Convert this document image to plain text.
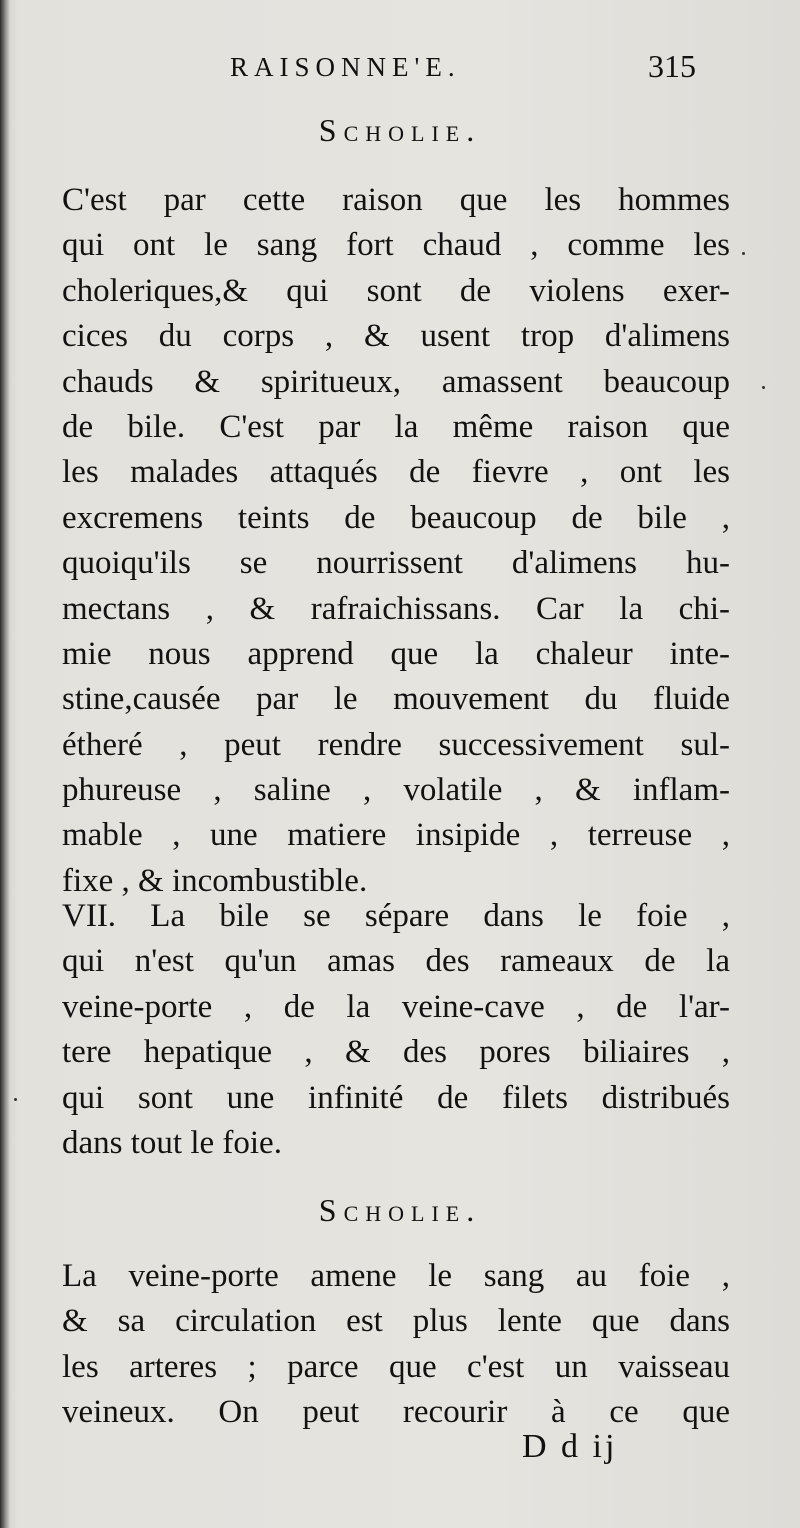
RAISONNE'E.	315
Scholie.
C'est par cette raison que les hommes
qui ont le sang fort chaud , comme les
choleriques,& qui sont de violens exer-
cices du corps , & usent trop d'alimens
chauds & spiritueux, amassent beaucoup
de bile. C'est par la même raison que
les malades attaqués de fievre , ont les
excremens teints de beaucoup de bile ,
quoiqu'ils se nourrissent d'alimens hu-
mectans , & rafraichissans. Car la chi-
mie nous apprend que la chaleur inte-
stine,causée par le mouvement du fluide
étheré , peut rendre successivement sul-
phureuse , saline , volatile , & inflam-
mable , une matiere insipide , terreuse ,
fixe , & incombustible.
VII. La bile se sépare dans le foie ,
qui n'est qu'un amas des rameaux de la
veine-porte , de la veine-cave , de l'ar-
tere hepatique , & des pores biliaires ,
qui sont une infinité de filets distribués
dans tout le foie.
Scholie.
La veine-porte amene le sang au foie ,
& sa circulation est plus lente que dans
les arteres ; parce que c'est un vaisseau
veineux. On peut recourir à ce que
D d ij
